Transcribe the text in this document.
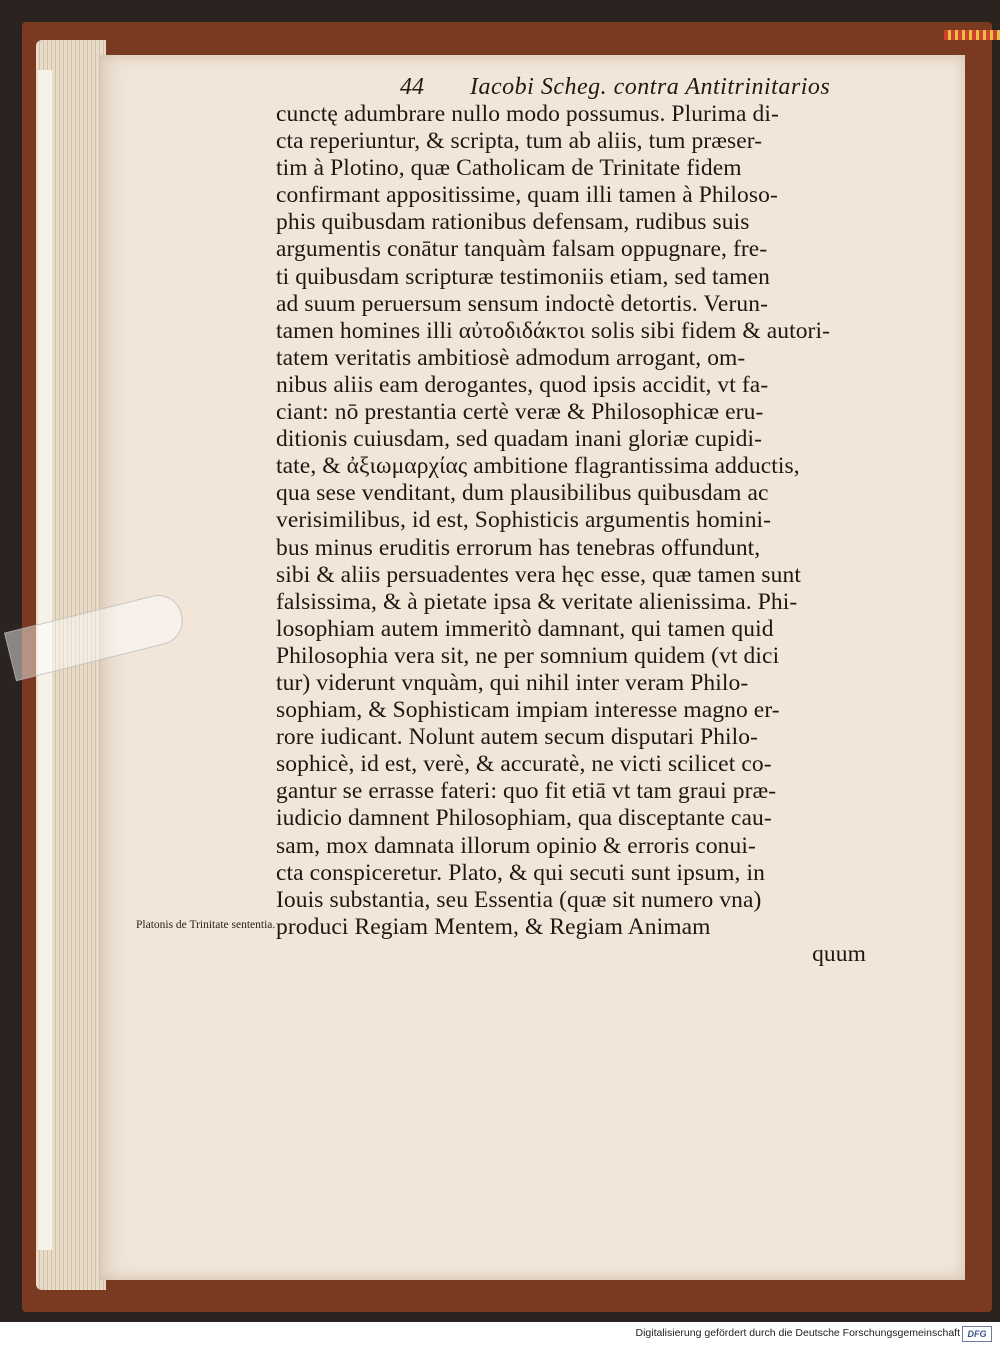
44 Iacobi Scheg. contra Antitrinitarios
cunctę adumbrare nullo modo possumus. Plurima di-
cta reperiuntur, & scripta, tum ab aliis, tum præser-
tim à Plotino, quæ Catholicam de Trinitate fidem
confirmant appositissime, quam illi tamen à Philoso-
phis quibusdam rationibus defensam, rudibus suis
argumentis conātur tanquàm falsam oppugnare, fre-
ti quibusdam scripturæ testimoniis etiam, sed tamen
ad suum peruersum sensum indoctè detortis. Verun-
tamen homines illi αὐτοδιδάκτοι solis sibi fidem & autori-
tatem veritatis ambitiosè admodum arrogant, om-
nibus aliis eam derogantes, quod ipsis accidit, vt fa-
ciant: nō prestantia certè veræ & Philosophicæ eru-
ditionis cuiusdam, sed quadam inani gloriæ cupidi-
tate, & ἀξιωμαρχίας ambitione flagrantissima adductis,
qua sese venditant, dum plausibilibus quibusdam ac
verisimilibus, id est, Sophisticis argumentis homini-
bus minus eruditis errorum has tenebras offundunt,
sibi & aliis persuadentes vera hęc esse, quæ tamen sunt
falsissima, & à pietate ipsa & veritate alienissima. Phi-
losophiam autem immeritò damnant, qui tamen quid
Philosophia vera sit, ne per somnium quidem (vt dici
tur) viderunt vnquàm, qui nihil inter veram Philo-
sophiam, & Sophisticam impiam interesse magno er-
rore iudicant. Nolunt autem secum disputari Philo-
sophicè, id est, verè, & accuratè, ne victi scilicet co-
gantur se errasse fateri: quo fit etiā vt tam graui præ-
iudicio damnent Philosophiam, qua disceptante cau-
sam, mox damnata illorum opinio & erroris conui-
cta conspiceretur. Plato, & qui secuti sunt ipsum, in
Iouis substantia, seu Essentia (quæ sit numero vna)
produci Regiam Mentem, & Regiam Animam
quum
Platonis de Trinitate sententia.
Digitalisierung gefördert durch die Deutsche Forschungsgemeinschaft DFG
